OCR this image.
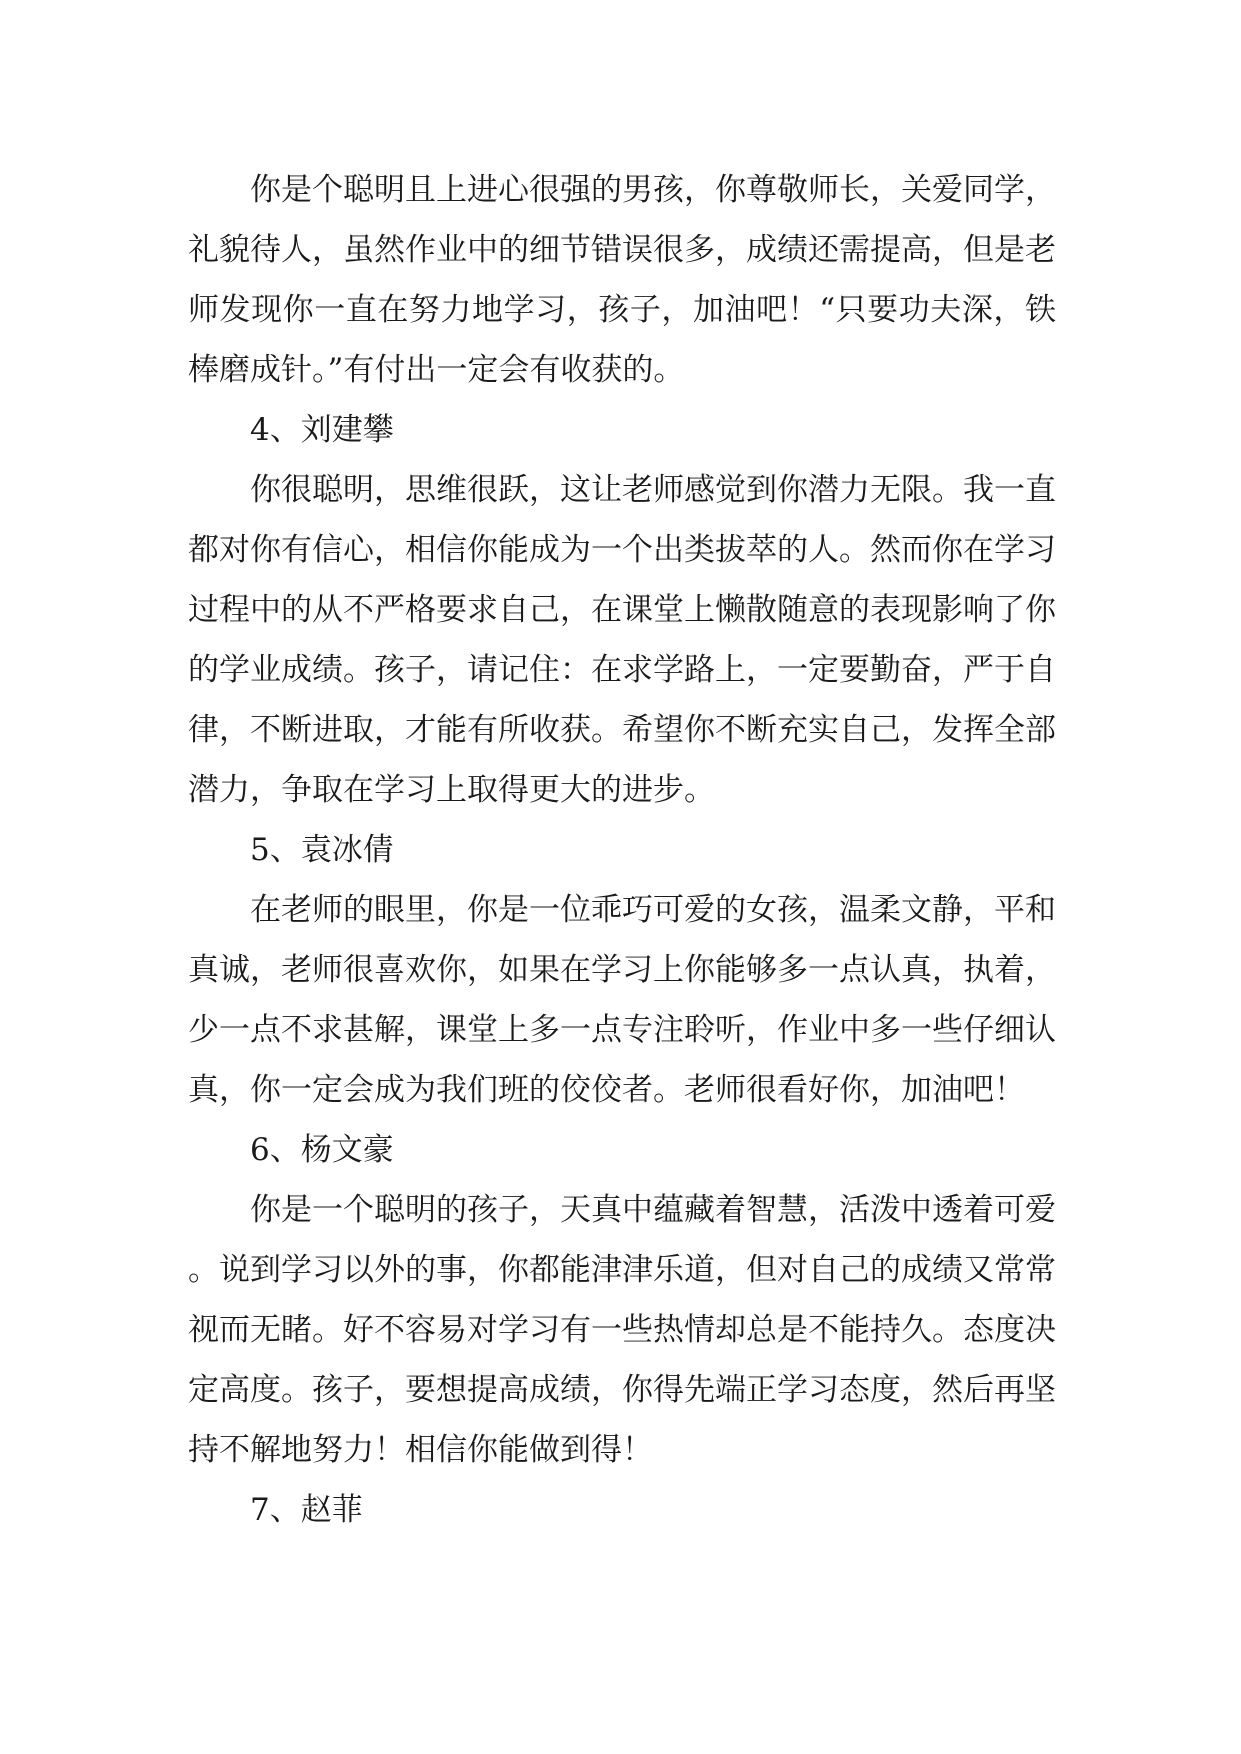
你是个聪明且上进心很强的男孩，你尊敬师长，关爱同学，礼貌待人，虽然作业中的细节错误很多，成绩还需提高，但是老师发现你一直在努力地学习，孩子，加油吧！“只要功夫深，铁棒磨成针。”有付出一定会有收获的。

4、刘建攀

你很聪明，思维很跃，这让老师感觉到你潜力无限。我一直都对你有信心，相信你能成为一个出类拔萃的人。然而你在学习过程中的从不严格要求自己，在课堂上懒散随意的表现影响了你的学业成绩。孩子，请记住：在求学路上，一定要勤奋，严于自律，不断进取，才能有所收获。希望你不断充实自己，发挥全部潜力，争取在学习上取得更大的进步。

5、袁冰倩

在老师的眼里，你是一位乖巧可爱的女孩，温柔文静，平和真诚，老师很喜欢你，如果在学习上你能够多一点认真，执着，少一点不求甚解，课堂上多一点专注聆听，作业中多一些仔细认真，你一定会成为我们班的佼佼者。老师很看好你，加油吧！

6、杨文豪

你是一个聪明的孩子，天真中蕴藏着智慧，活泼中透着可爱。说到学习以外的事，你都能津津乐道，但对自己的成绩又常常视而无睹。好不容易对学习有一些热情却总是不能持久。态度决定高度。孩子，要想提高成绩，你得先端正学习态度，然后再坚持不解地努力！相信你能做到得！

7、赵菲
